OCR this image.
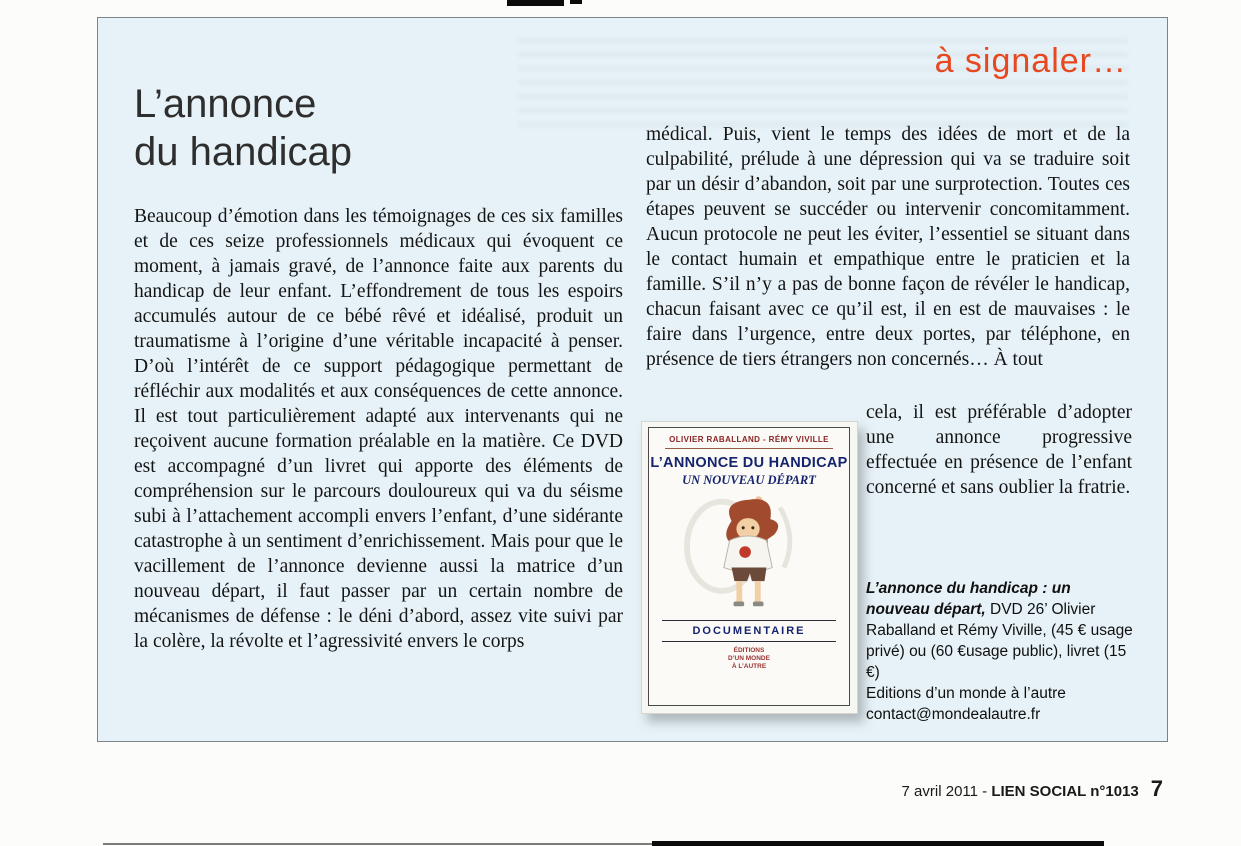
à signaler…
L’annonce
du handicap
Beaucoup d’émotion dans les témoignages de ces six familles et de ces seize professionnels médicaux qui évoquent ce moment, à jamais gravé, de l’annonce faite aux parents du handicap de leur enfant. L’effondrement de tous les espoirs accumulés autour de ce bébé rêvé et idéalisé, produit un traumatisme à l’origine d’une véritable incapacité à penser. D’où l’intérêt de ce support pédagogique permettant de réfléchir aux modalités et aux conséquences de cette annonce. Il est tout particulièrement adapté aux intervenants qui ne reçoivent aucune formation préalable en la matière. Ce DVD est accompagné d’un livret qui apporte des éléments de compréhension sur le parcours douloureux qui va du séisme subi à l’attachement accompli envers l’enfant, d’une sidérante catastrophe à un sentiment d’enrichissement. Mais pour que le vacillement de l’annonce devienne aussi la matrice d’un nouveau départ, il faut passer par un certain nombre de mécanismes de défense : le déni d’abord, assez vite suivi par la colère, la révolte et l’agressivité envers le corps
médical. Puis, vient le temps des idées de mort et de la culpabilité, prélude à une dépression qui va se traduire soit par un désir d’abandon, soit par une surprotection. Toutes ces étapes peuvent se succéder ou intervenir concomitamment. Aucun protocole ne peut les éviter, l’essentiel se situant dans le contact humain et empathique entre le praticien et la famille. S’il n’y a pas de bonne façon de révéler le handicap, chacun faisant avec ce qu’il est, il en est de mauvaises : le faire dans l’urgence, entre deux portes, par téléphone, en présence de tiers étrangers non concernés… À tout
OLIVIER RABALLAND - RÉMY VIVILLE
L’ANNONCE DU HANDICAP
UN NOUVEAU DÉPART
DOCUMENTAIRE
ÉDITIONS
D’UN MONDE
À L’AUTRE
cela, il est préférable d’adopter une annonce progressive effectuée en présence de l’enfant concerné et sans oublier la fratrie.

L’annonce du handicap : un nouveau départ, DVD 26’ Olivier Raballand et Rémy Viville, (45 € usage privé) ou (60 €usage public), livret (15 €)

Editions d’un monde à l’autre

contact@mondealautre.fr

7 avril 2011 - LIEN SOCIAL n°1013 7
